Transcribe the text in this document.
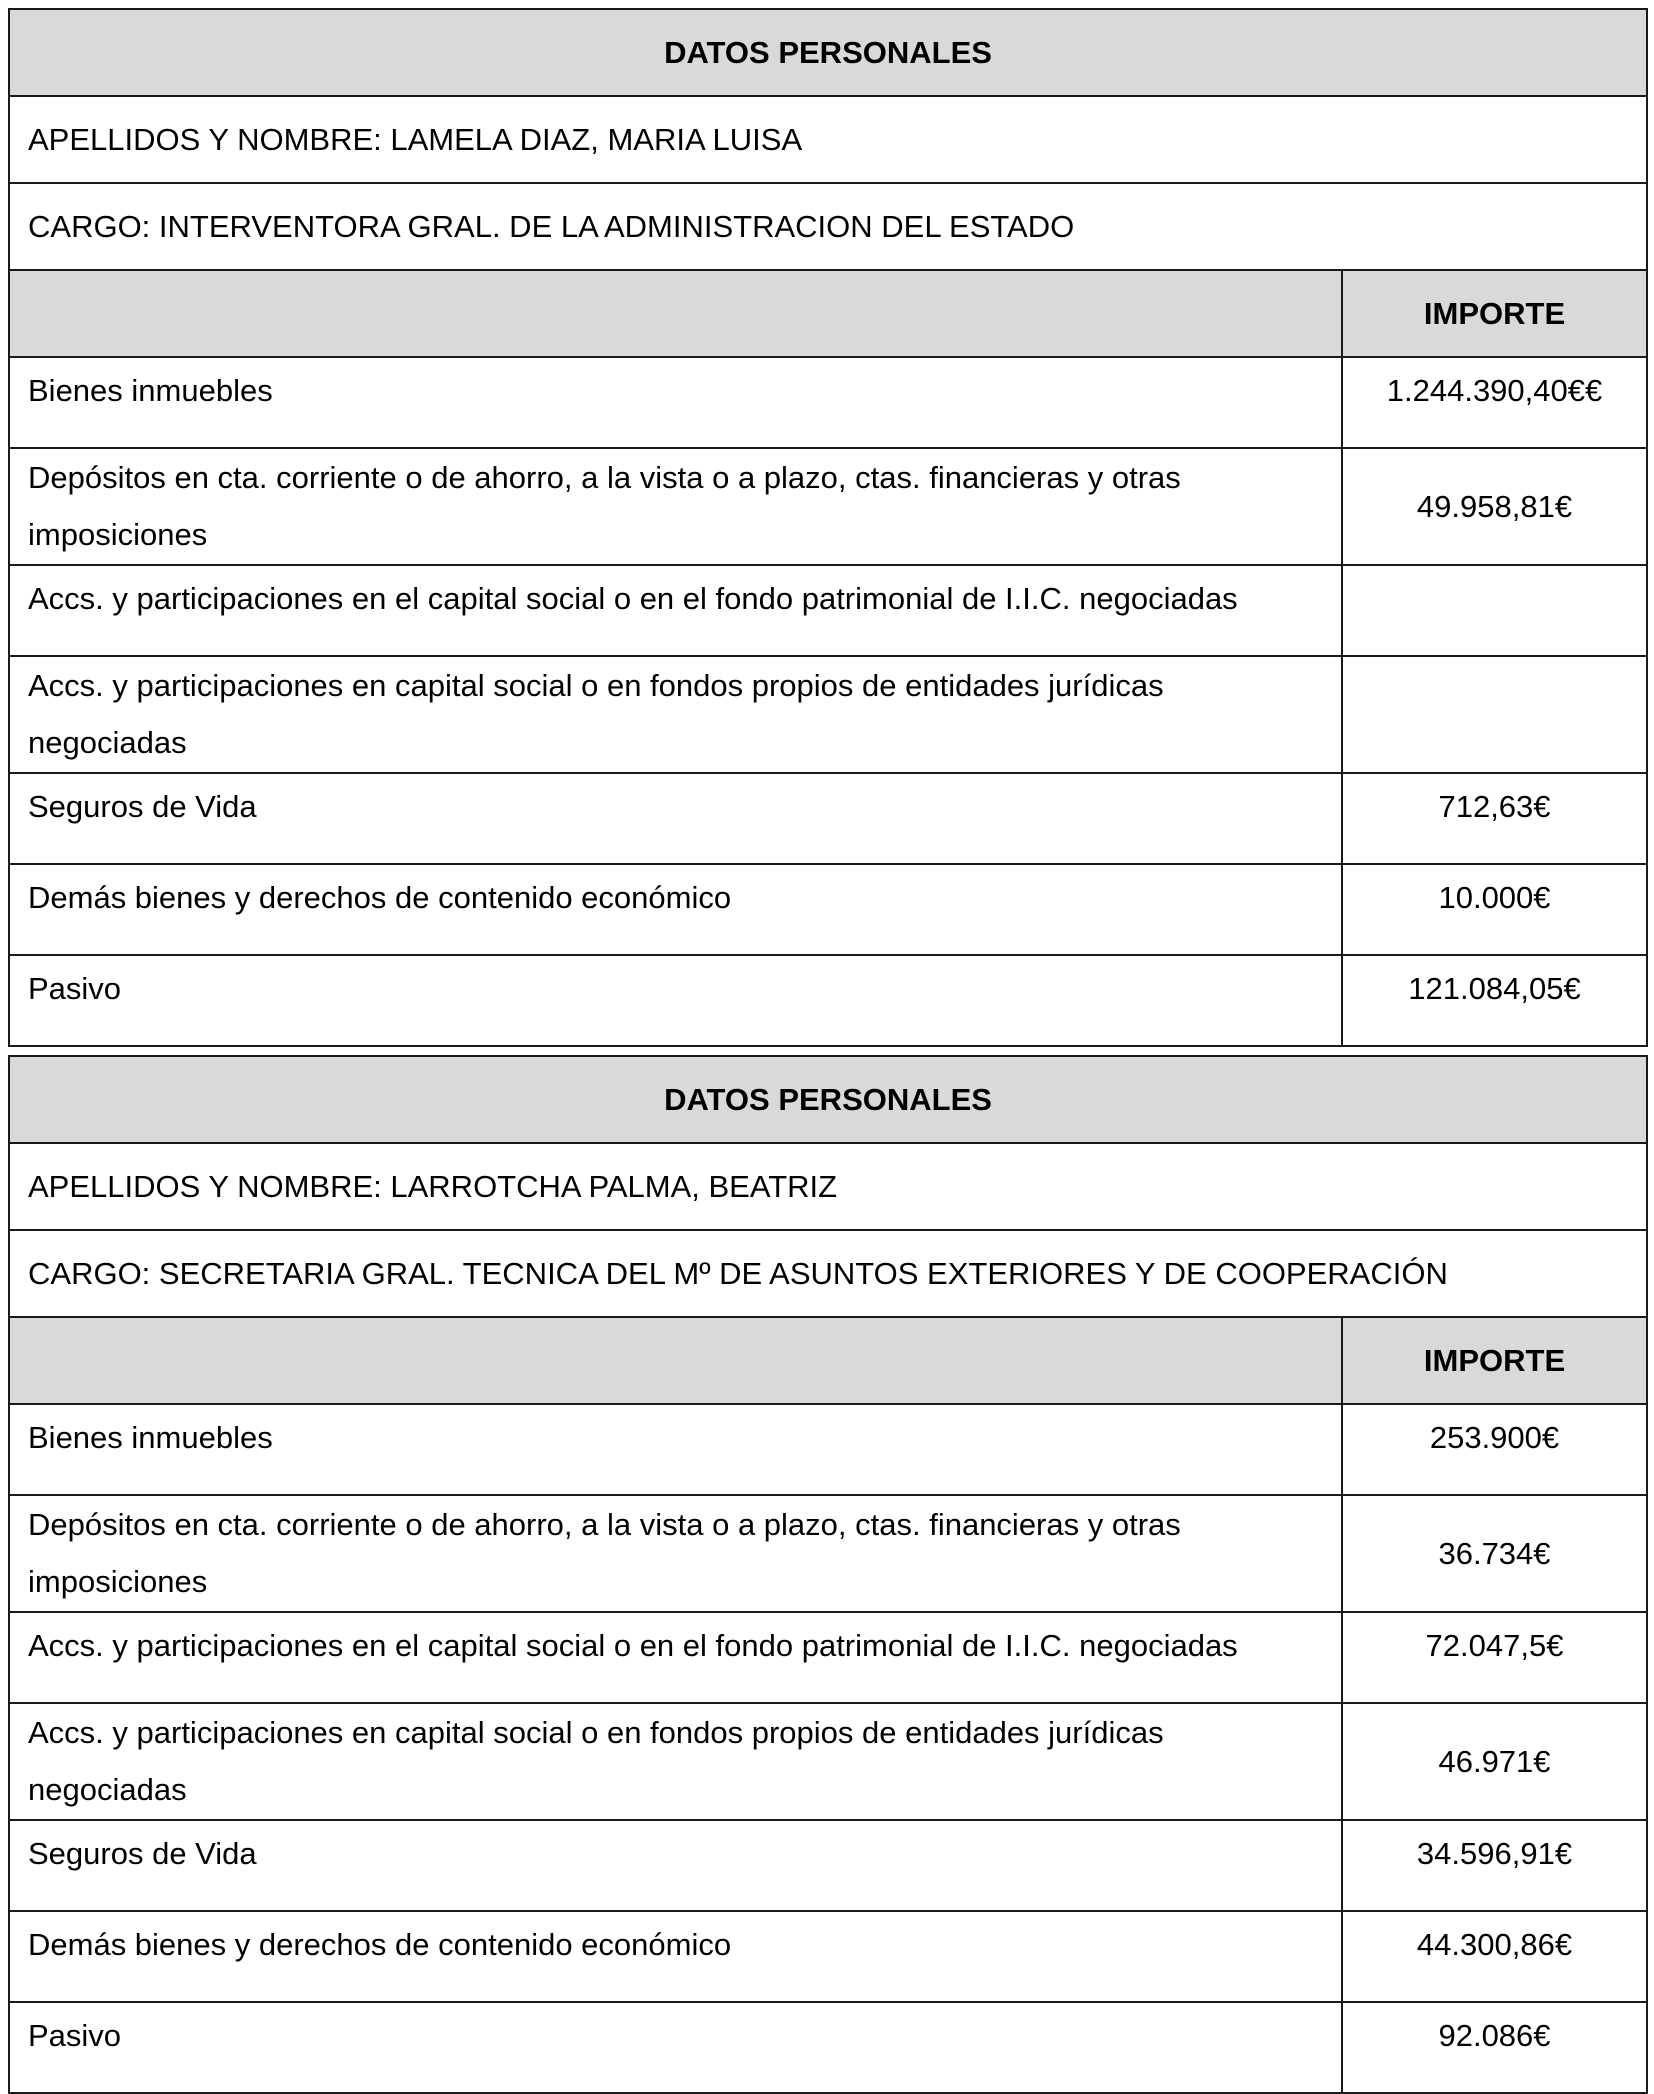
DATOS PERSONALES	
APELLIDOS Y NOMBRE: LAMELA DIAZ, MARIA LUISA	
CARGO: INTERVENTORA GRAL. DE LA ADMINISTRACION DEL ESTADO	
	IMPORTE
Bienes inmuebles	1.244.390,40€€
Depósitos en cta. corriente o de ahorro, a la vista o a plazo, ctas. financieras y otras imposiciones	49.958,81€
Accs. y participaciones en el capital social o en el fondo patrimonial de I.I.C. negociadas	
Accs. y participaciones en capital social o en fondos propios de entidades jurídicas negociadas	
Seguros de Vida	712,63€
Demás bienes y derechos de contenido económico	10.000€
Pasivo	121.084,05€
DATOS PERSONALES	
APELLIDOS Y NOMBRE: LARROTCHA PALMA, BEATRIZ	
CARGO: SECRETARIA GRAL. TECNICA DEL Mº DE ASUNTOS EXTERIORES Y DE COOPERACIÓN	
	IMPORTE
Bienes inmuebles	253.900€
Depósitos en cta. corriente o de ahorro, a la vista o a plazo, ctas. financieras y otras imposiciones	36.734€
Accs. y participaciones en el capital social o en el fondo patrimonial de I.I.C. negociadas	72.047,5€
Accs. y participaciones en capital social o en fondos propios de entidades jurídicas negociadas	46.971€
Seguros de Vida	34.596,91€
Demás bienes y derechos de contenido económico	44.300,86€
Pasivo	92.086€
